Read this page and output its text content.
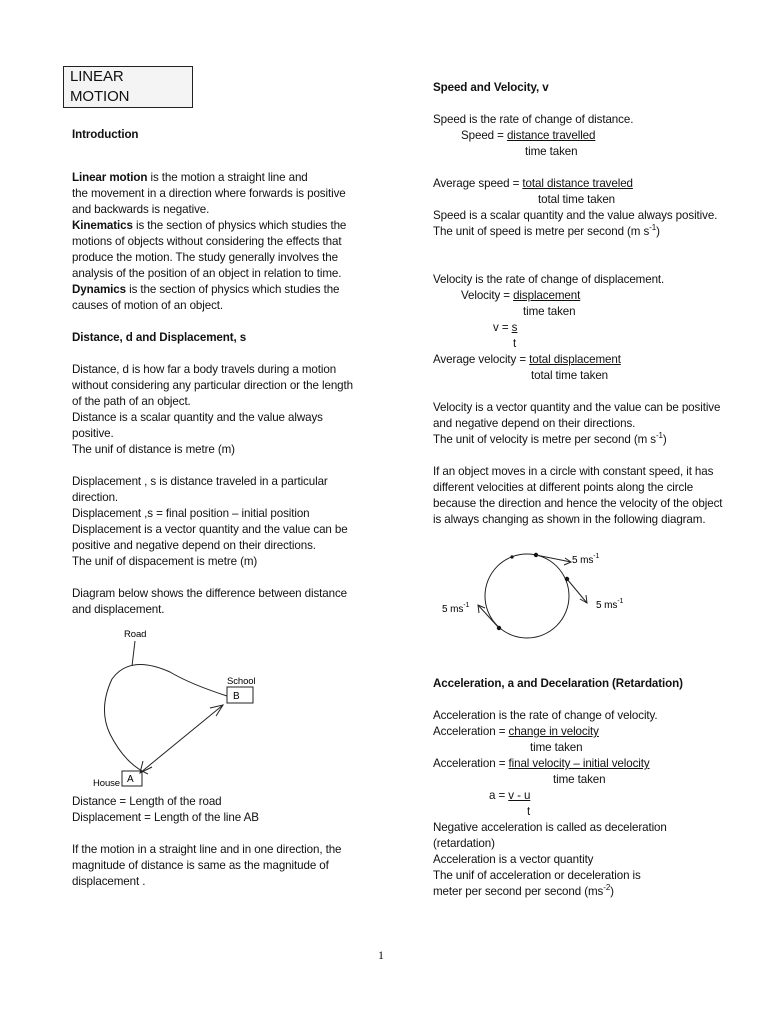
LINEAR MOTION
Introduction
Linear motion is the motion a straight line and
the movement in a direction where forwards is positive
and backwards is negative.
Kinematics is the section of physics which studies the
motions of objects without considering the effects that
produce the motion. The study generally involves the
analysis of the position of an object in relation to time.
Dynamics is the section of physics which studies the
causes of motion of an object.
Distance, d and Displacement, s
Distance, d is how far a body travels during a motion
without considering any particular direction or the length
of the path of an object.
Distance is a scalar quantity and the value always
positive.
The unif of distance is metre (m)
Displacement , s is distance traveled in a particular
direction.
Displacement ,s = final position – initial position
Displacement is a vector quantity and the value can be
positive and negative depend on their directions.
The unif of dispacement is metre (m)
Diagram below shows the difference between distance
and displacement.
Road
School
B
House A
Distance = Length of the road
Displacement = Length of the line AB
If the motion in a straight line and in one direction, the
magnitude of distance is same as the magnitude of
displacement .
Speed and Velocity, v
Speed is the rate of change of distance.
Speed = distance travelled
time taken
Average speed = total distance traveled
total time taken
Speed is a scalar quantity and the value always positive.
The unit of speed is metre per second (m $s^{-1}$)
Velocity is the rate of change of displacement.
Velocity = displacement
time taken
v = s
t
Average velocity = total displacement
total time taken
Velocity is a vector quantity and the value can be positive
and negative depend on their directions.
The unit of velocity is metre per second (m $s^{-1}$)
If an object moves in a circle with constant speed, it has
different velocities at different points along the circle
because the direction and hence the velocity of the object
is always changing as shown in the following diagram.
5 $ms^{-1}$
5 $ms^{-1}$
5 $ms^{-1}$
Acceleration, a and Decelaration (Retardation)
Acceleration is the rate of change of velocity.
Acceleration = change in velocity
time taken
Acceleration = final velocity – initial velocity
time taken
a = v - u
t
Negative acceleration is called as deceleration
(retardation)
Acceleration is a vector quantity
The unif of acceleration or deceleration is
meter per second per second $(ms^{-2})$
1
